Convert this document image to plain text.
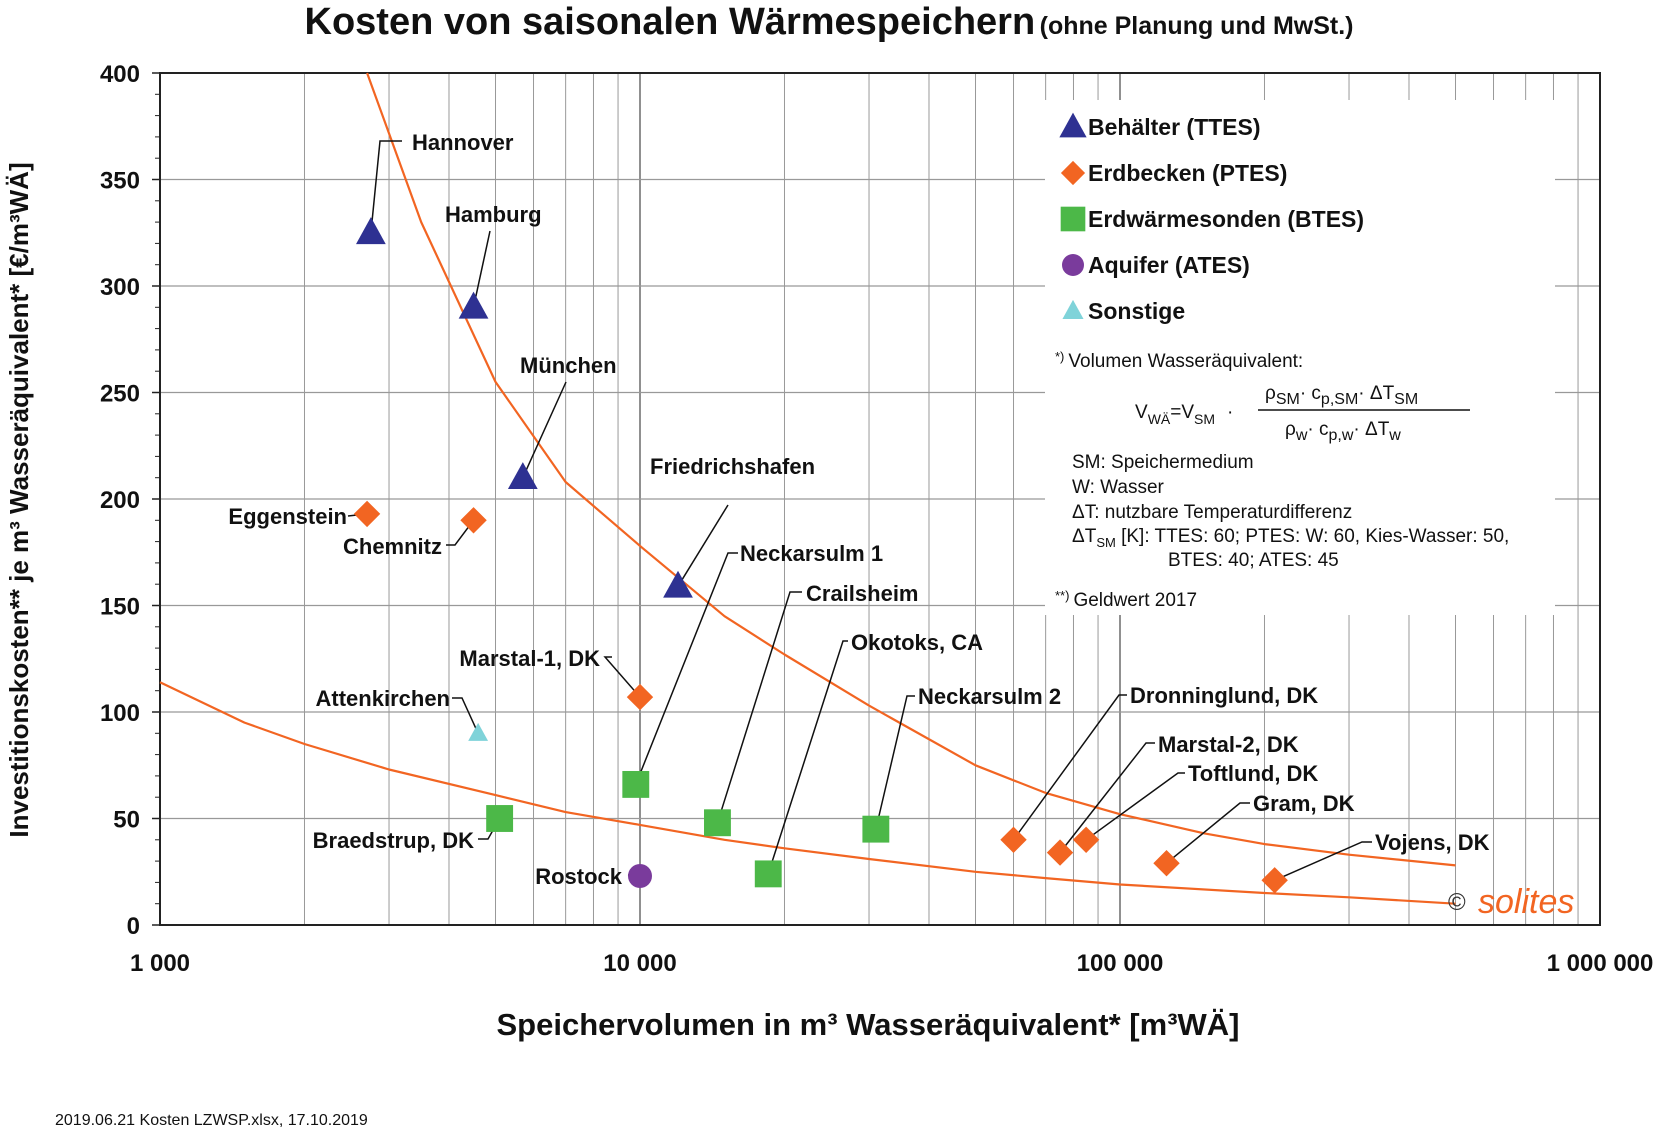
Kosten von saisonalen Wärmespeichern (ohne Planung und MwSt.)
0
50
100
150
200
250
300
350
400
1 000	10 000	100 000	1 000 000
Hannover
Hamburg
München
Friedrichshafen
Eggenstein
Chemnitz
Marstal-1, DK
Dronninglund, DK
Marstal-2, DK
Toftlund, DK
Gram, DK
Vojens, DK
Braedstrup, DK
Neckarsulm 1
Crailsheim
Okotoks, CA
Neckarsulm 2
Rostock
Attenkirchen
Speichervolumen in m³ Wasseräquivalent* [m³WÄ]
Investitionskosten** je m³ Wasseräquivalent* [€/m³WÄ]
Behälter (TTES)
Erdbecken (PTES)
Erdwärmesonden (BTES)
Aquifer (ATES)
Sonstige
© solites
*) Volumen Wasseräquivalent:
$V_{WÄ}=V_{SM}$ ·
$\rho_{SM}\cdot c_{p,SM}\cdot \Delta T_{SM}$
$\rho_w\cdot c_{p,w}\cdot \Delta T_w$
SM: Speichermedium
W: Wasser
ΔT: nutzbare Temperaturdifferenz
$\Delta T_{SM}$ [K]: TTES: 60; PTES: W: 60, Kies-Wasser: 50,
BTES: 40; ATES: 45
**) Geldwert 2017
2019.06.21 Kosten LZWSP.xlsx, 17.10.2019
